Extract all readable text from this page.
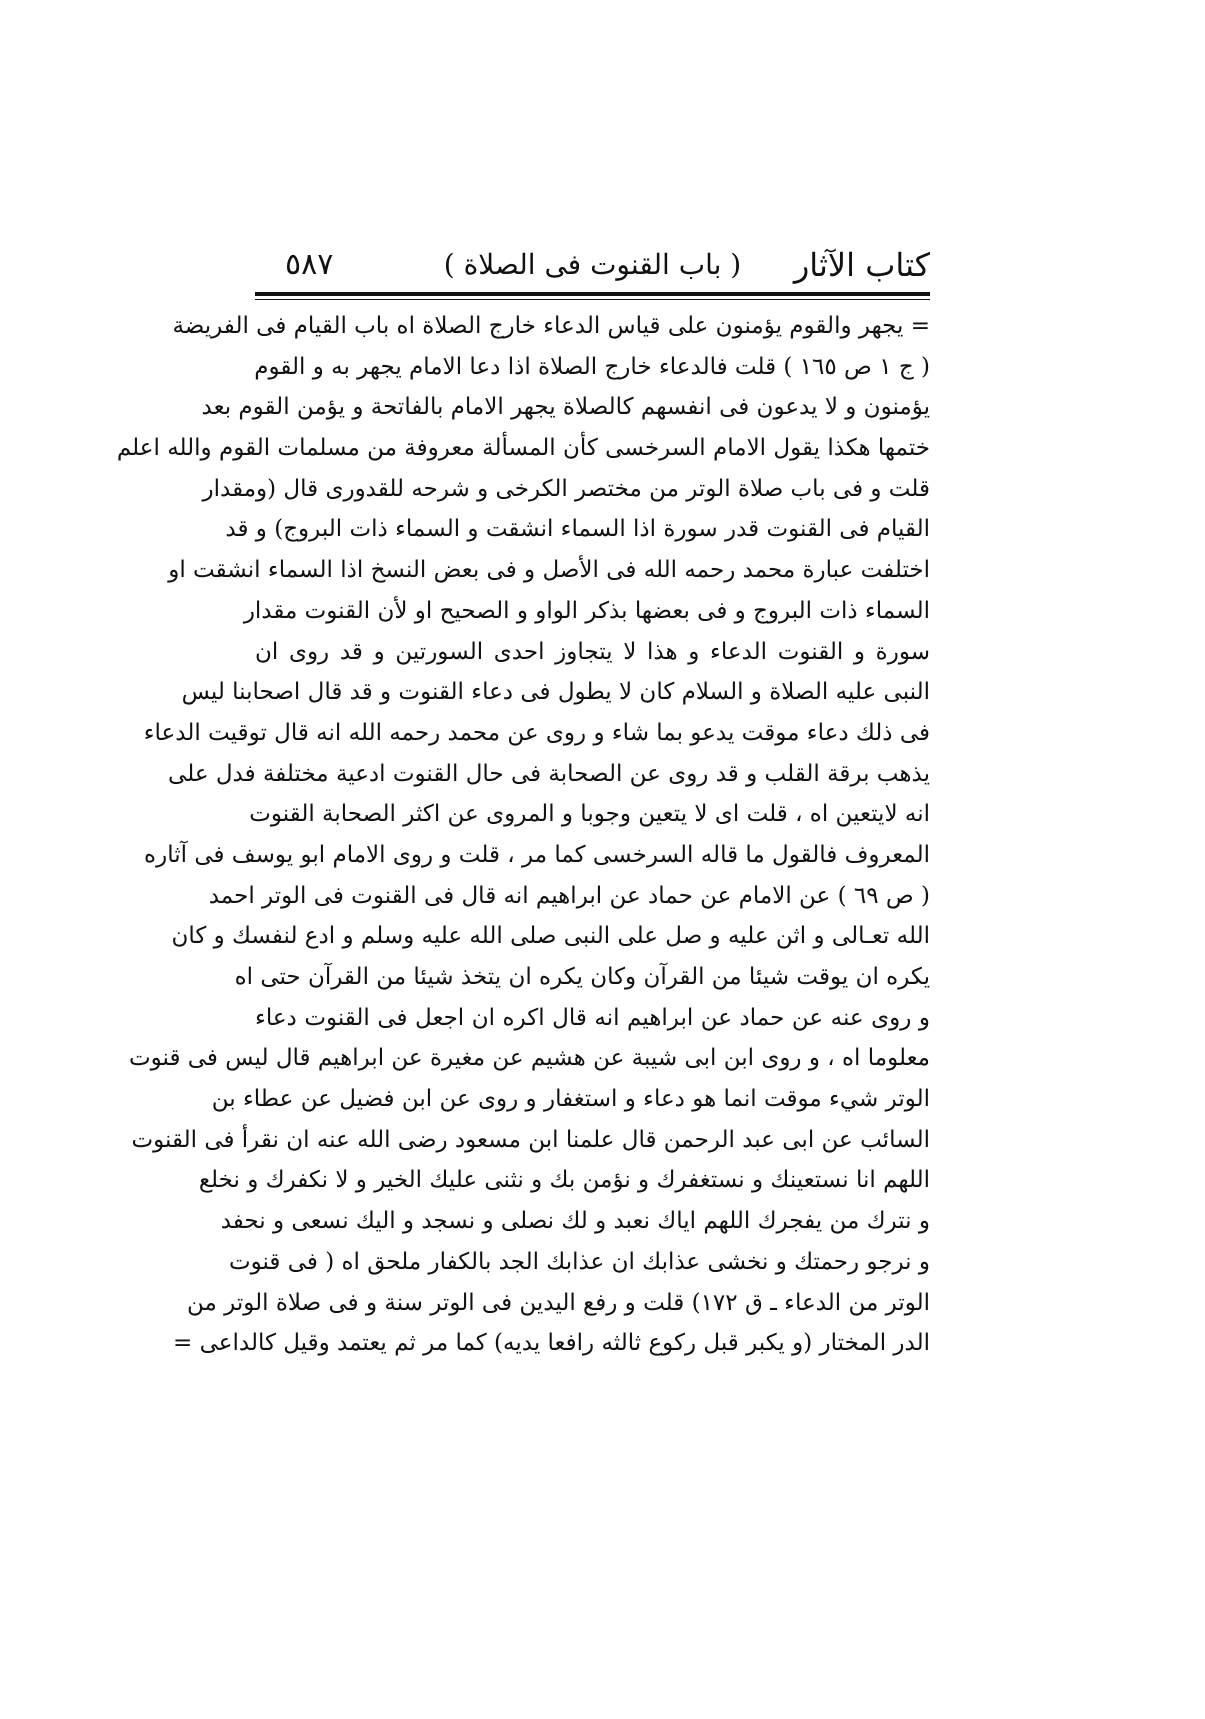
كتاب الآثار
( باب القنوت فى الصلاة )
٥٨٧
= يجهر والقوم يؤمنون على قياس الدعاء خارج الصلاة اه باب القيام فى الفريضة
( ج ١ ص ١٦٥ ) قلت فالدعاء خارج الصلاة اذا دعا الامام يجهر به و القوم
يؤمنون و لا يدعون فى انفسهم كالصلاة يجهر الامام بالفاتحة و يؤمن القوم بعد
ختمها هكذا يقول الامام السرخسى كأن المسألة معروفة من مسلمات القوم والله اعلم
قلت و فى باب صلاة الوتر من مختصر الكرخى و شرحه للقدورى قال (ومقدار
القيام فى القنوت قدر سورة اذا السماء انشقت و السماء ذات البروج) و قد
اختلفت عبارة محمد رحمه الله فى الأصل و فى بعض النسخ اذا السماء انشقت او
السماء ذات البروج و فى بعضها بذكر الواو و الصحيح او لأن القنوت مقدار
سورة و القنوت الدعاء و هذا لا يتجاوز احدى السورتين و قد روى ان
النبى عليه الصلاة و السلام كان لا يطول فى دعاء القنوت و قد قال اصحابنا ليس
فى ذلك دعاء موقت يدعو بما شاء و روى عن محمد رحمه الله انه قال توقيت الدعاء
يذهب برقة القلب و قد روى عن الصحابة فى حال القنوت ادعية مختلفة فدل على
انه لايتعين اه ، قلت اى لا يتعين وجوبا و المروى عن اكثر الصحابة القنوت
المعروف فالقول ما قاله السرخسى كما مر ، قلت و روى الامام ابو يوسف فى آثاره
( ص ٦٩ ) عن الامام عن حماد عن ابراهيم انه قال فى القنوت فى الوتر احمد
الله تعـالى و اثن عليه و صل على النبى صلى الله عليه وسلم و ادع لنفسك و كان
يكره ان يوقت شيئا من القرآن وكان يكره ان يتخذ شيئا من القرآن حتى اه
و روى عنه عن حماد عن ابراهيم انه قال اكره ان اجعل فى القنوت دعاء
معلوما اه ، و روى ابن ابى شيبة عن هشيم عن مغيرة عن ابراهيم قال ليس فى قنوت
الوتر شيء موقت انما هو دعاء و استغفار و روى عن ابن فضيل عن عطاء بن
السائب عن ابى عبد الرحمن قال علمنا ابن مسعود رضى الله عنه ان نقرأ فى القنوت
اللهم انا نستعينك و نستغفرك و نؤمن بك و نثنى عليك الخير و لا نكفرك و نخلع
و نترك من يفجرك اللهم اياك نعبد و لك نصلى و نسجد و اليك نسعى و نحفد
و نرجو رحمتك و نخشى عذابك ان عذابك الجد بالكفار ملحق اه ( فى قنوت
الوتر من الدعاء ـ ق ١٧٢) قلت و رفع اليدين فى الوتر سنة و فى صلاة الوتر من
الدر المختار (و يكبر قبل ركوع ثالثه رافعا يديه) كما مر ثم يعتمد وقيل كالداعى =
